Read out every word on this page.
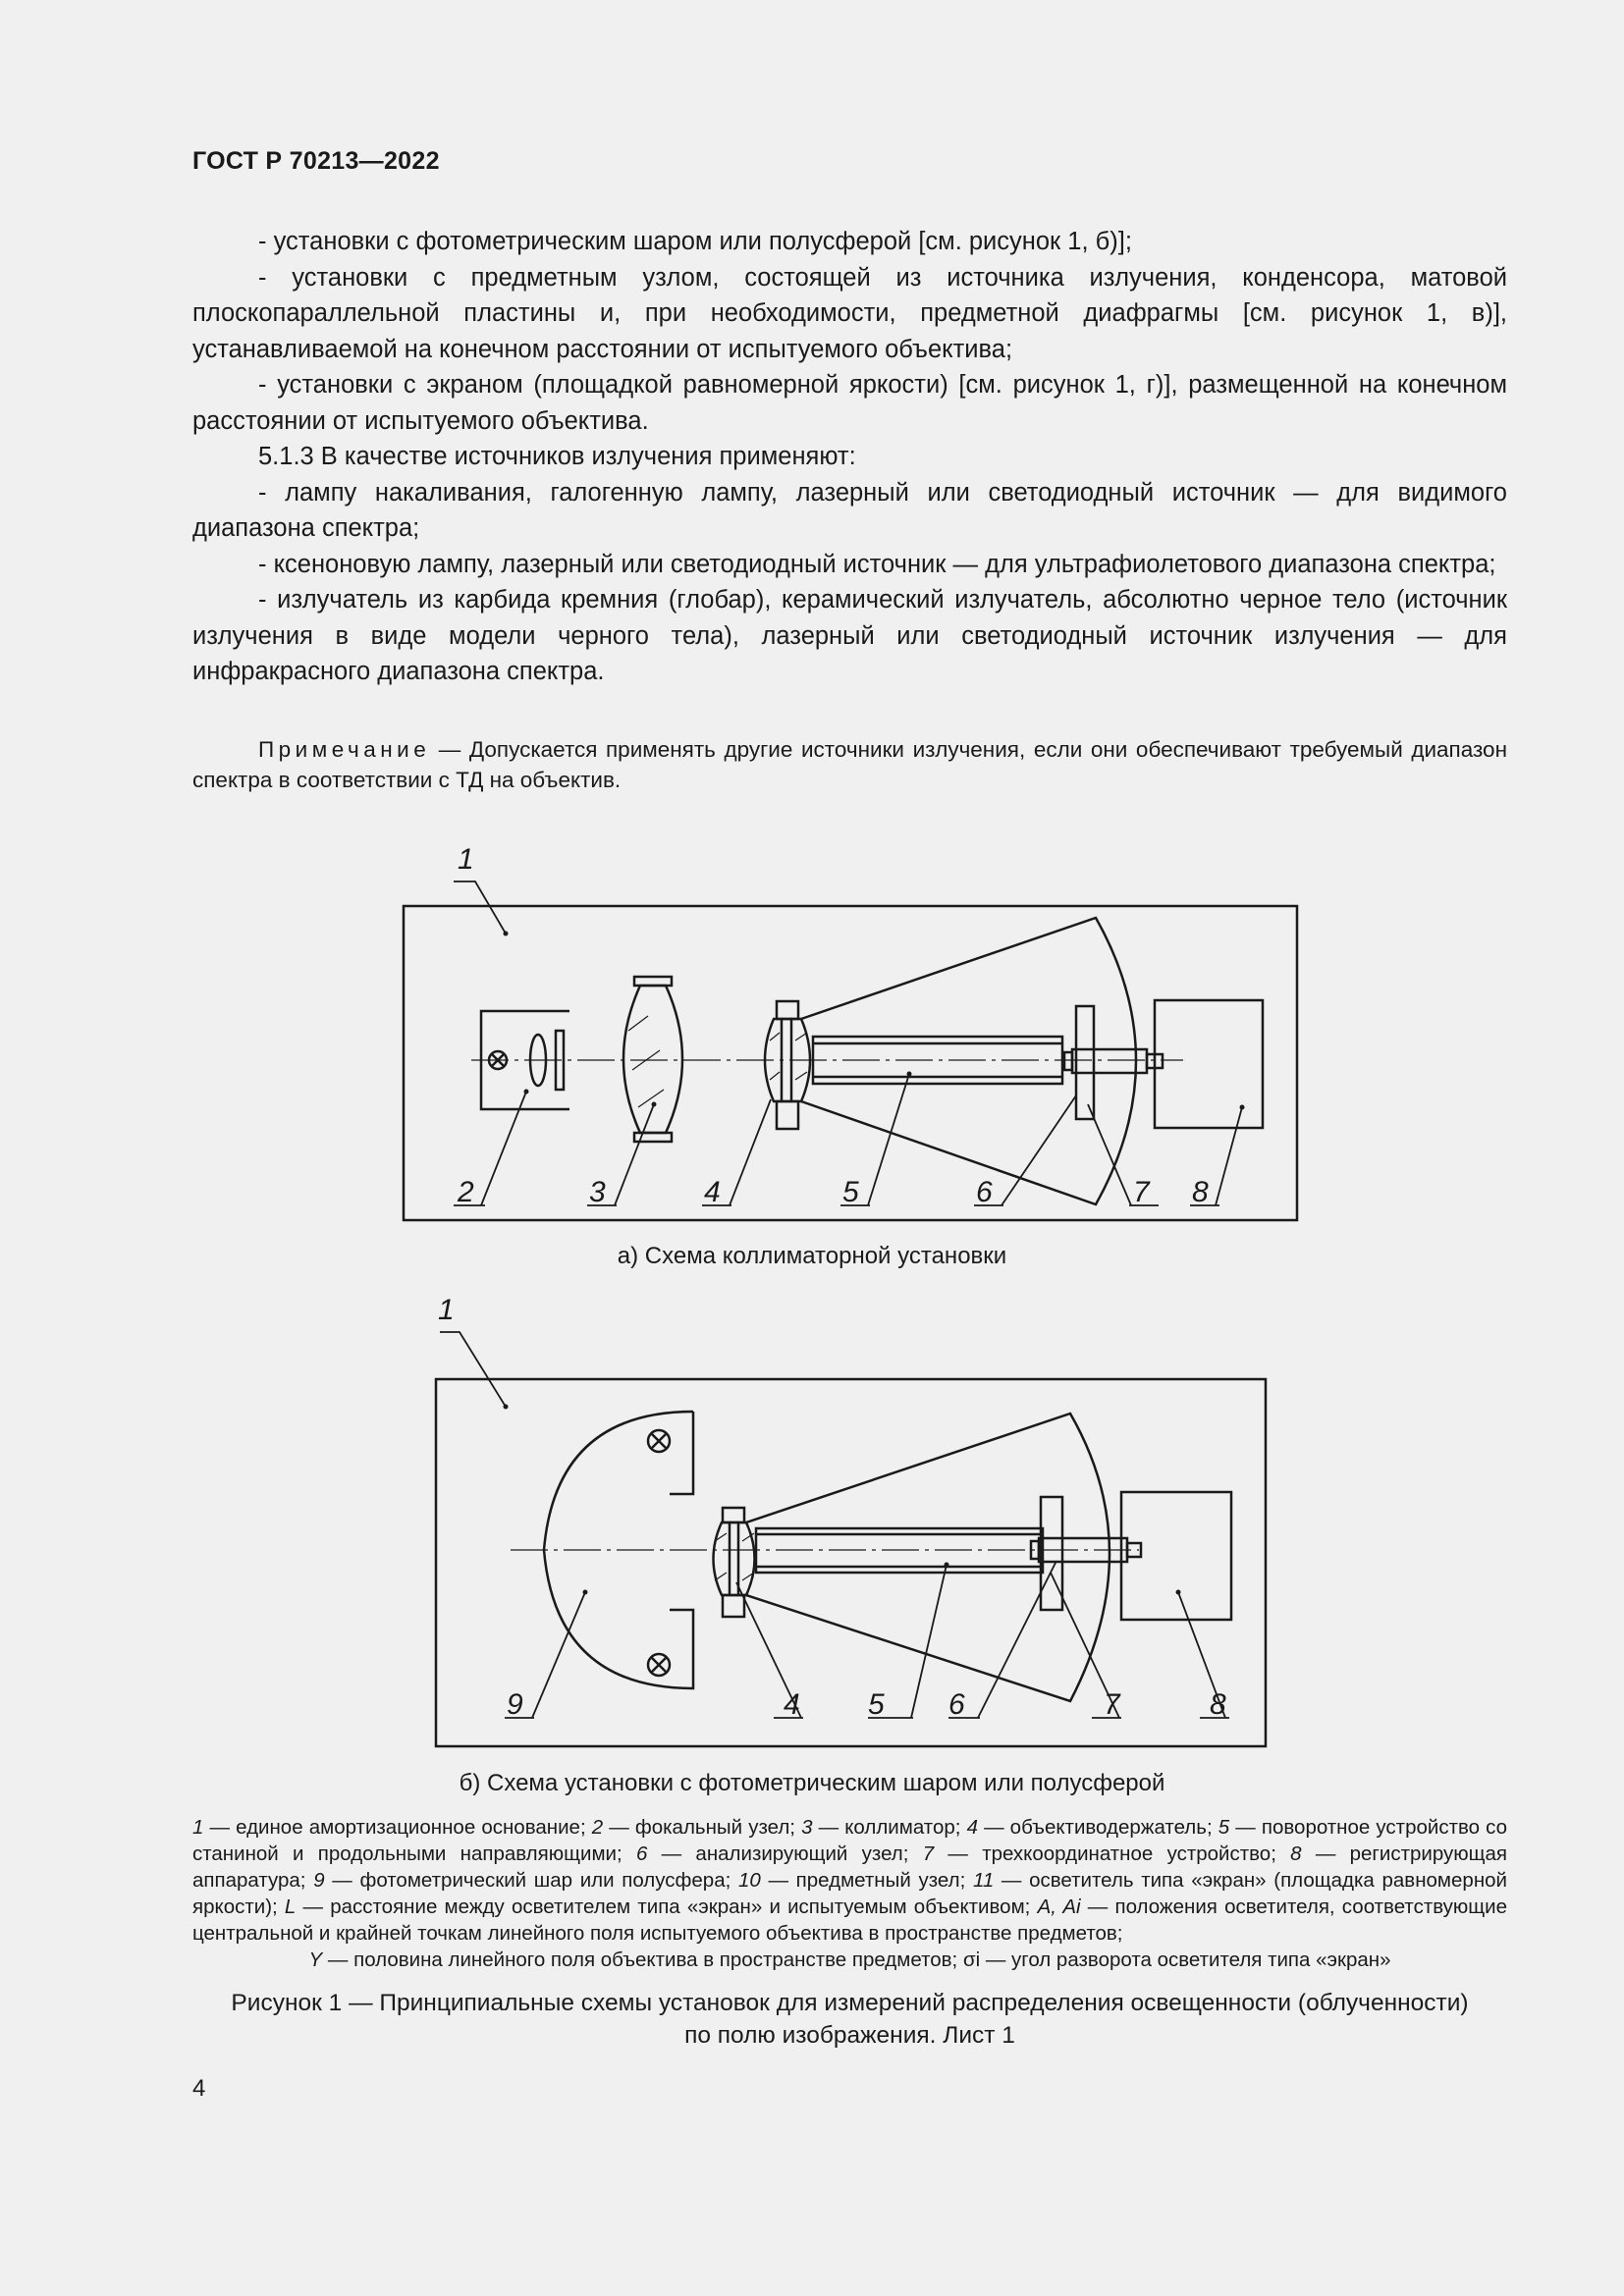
ГОСТ Р 70213—2022

- установки с фотометрическим шаром или полусферой [см. рисунок 1, б)];

- установки с предметным узлом, состоящей из источника излучения, конденсора, матовой плоскопараллельной пластины и, при необходимости, предметной диафрагмы [см. рисунок 1, в)], устанавливаемой на конечном расстоянии от испытуемого объектива;

- установки с экраном (площадкой равномерной яркости) [см. рисунок 1, г)], размещенной на конечном расстоянии от испытуемого объектива.

5.1.3 В качестве источников излучения применяют:

- лампу накаливания, галогенную лампу, лазерный или светодиодный источник — для видимого диапазона спектра;

- ксеноновую лампу, лазерный или светодиодный источник — для ультрафиолетового диапазона спектра;

- излучатель из карбида кремния (глобар), керамический излучатель, абсолютно черное тело (источник излучения в виде модели черного тела), лазерный или светодиодный источник излучения — для инфракрасного диапазона спектра.

Примечание — Допускается применять другие источники излучения, если они обеспечивают требуемый диапазон спектра в соответствии с ТД на объектив.
1
2	3	4	5	6	7 8
а) Схема коллиматорной установки
1
9	4 5 6	7	8
б) Схема установки с фотометрическим шаром или полусферой
1 — единое амортизационное основание; 2 — фокальный узел; 3 — коллиматор; 4 — объективодержатель; 5 — поворотное устройство со станиной и продольными направляющими; 6 — анализирующий узел; 7 — трехкоординатное устройство; 8 — регистрирующая аппаратура; 9 — фотометрический шар или полусфера; 10 — предметный узел; 11 — осветитель типа «экран» (площадка равномерной яркости); L — расстояние между осветителем типа «экран» и испытуемым объективом; A, Ai — положения осветителя, соответствующие центральной и крайней точкам линейного поля испытуемого объектива в пространстве предметов;
Y — половина линейного поля объектива в пространстве предметов; σi — угол разворота осветителя типа «экран»
Рисунок 1 — Принципиальные схемы установок для измерений распределения освещенности (облученности)
по полю изображения. Лист 1
4
